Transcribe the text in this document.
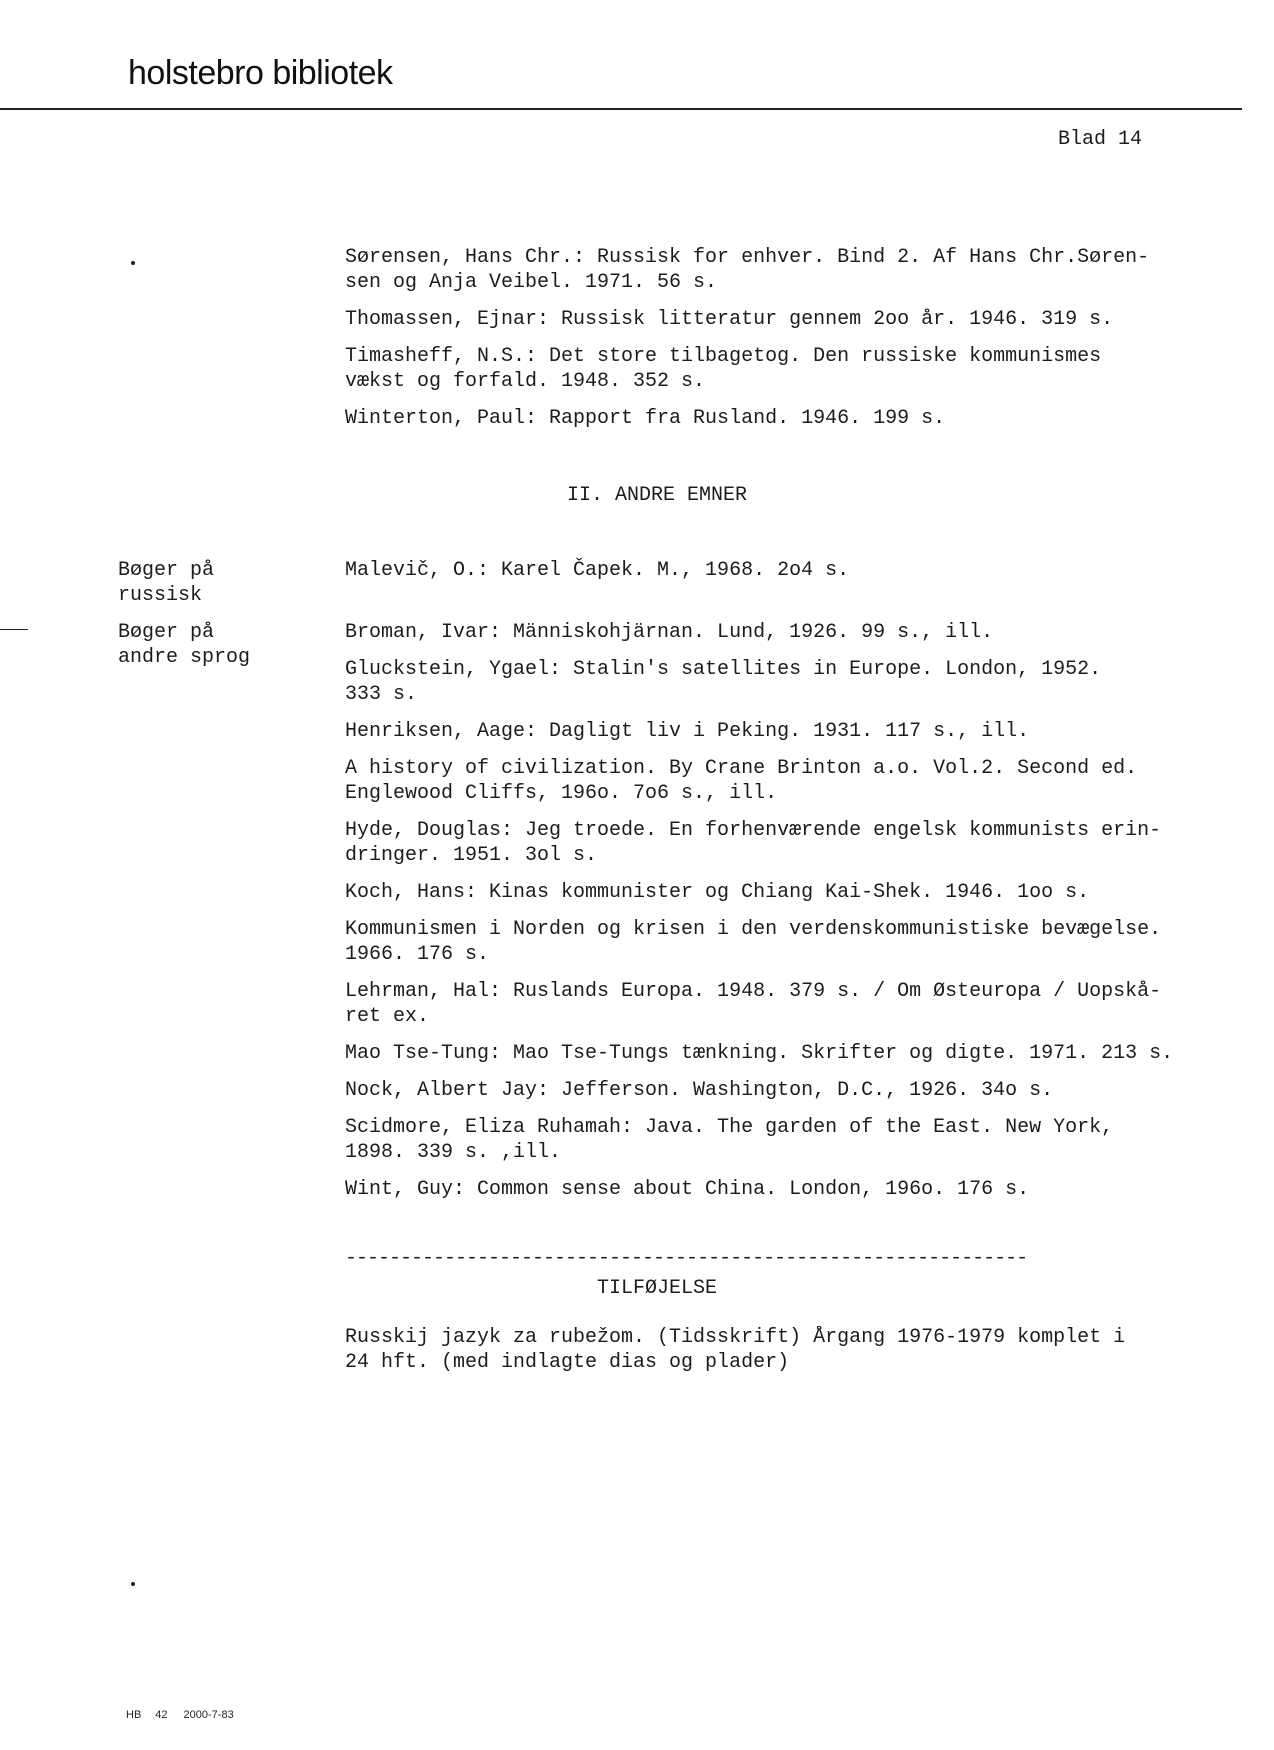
holstebro bibliotek
Blad 14
Sørensen, Hans Chr.: Russisk for enhver. Bind 2. Af Hans Chr.Søren-
sen og Anja Veibel. 1971. 56 s.
Thomassen, Ejnar: Russisk litteratur gennem 2oo år. 1946. 319 s.
Timasheff, N.S.: Det store tilbagetog. Den russiske kommunismes
vækst og forfald. 1948. 352 s.
Winterton, Paul: Rapport fra Rusland. 1946. 199 s.
II. ANDRE EMNER
Bøger på
russisk
Malevič, O.: Karel Čapek. M., 1968. 2o4 s.
Bøger på
andre sprog
Broman, Ivar: Människohjärnan. Lund, 1926. 99 s., ill.
Gluckstein, Ygael: Stalin's satellites in Europe. London, 1952.
333 s.
Henriksen, Aage: Dagligt liv i Peking. 1931. 117 s., ill.
A history of civilization. By Crane Brinton a.o. Vol.2. Second ed.
Englewood Cliffs, 196o. 7o6 s., ill.
Hyde, Douglas: Jeg troede. En forhenværende engelsk kommunists erin-
dringer. 1951. 3ol s.
Koch, Hans: Kinas kommunister og Chiang Kai-Shek. 1946. 1oo s.
Kommunismen i Norden og krisen i den verdenskommunistiske bevægelse.
1966. 176 s.
Lehrman, Hal: Ruslands Europa. 1948. 379 s. / Om Østeuropa / Uopskå-
ret ex.
Mao Tse-Tung: Mao Tse-Tungs tænkning. Skrifter og digte. 1971. 213 s.
Nock, Albert Jay: Jefferson. Washington, D.C., 1926. 34o s.
Scidmore, Eliza Ruhamah: Java. The garden of the East. New York,
1898. 339 s. ,ill.
Wint, Guy: Common sense about China. London, 196o. 176 s.
--------------------------------------------------------------
TILFØJELSE
Russkij jazyk za rubežom. (Tidsskrift) Årgang 1976-1979 komplet i
24 hft. (med indlagte dias og plader)
HB 42 2000-7-83
